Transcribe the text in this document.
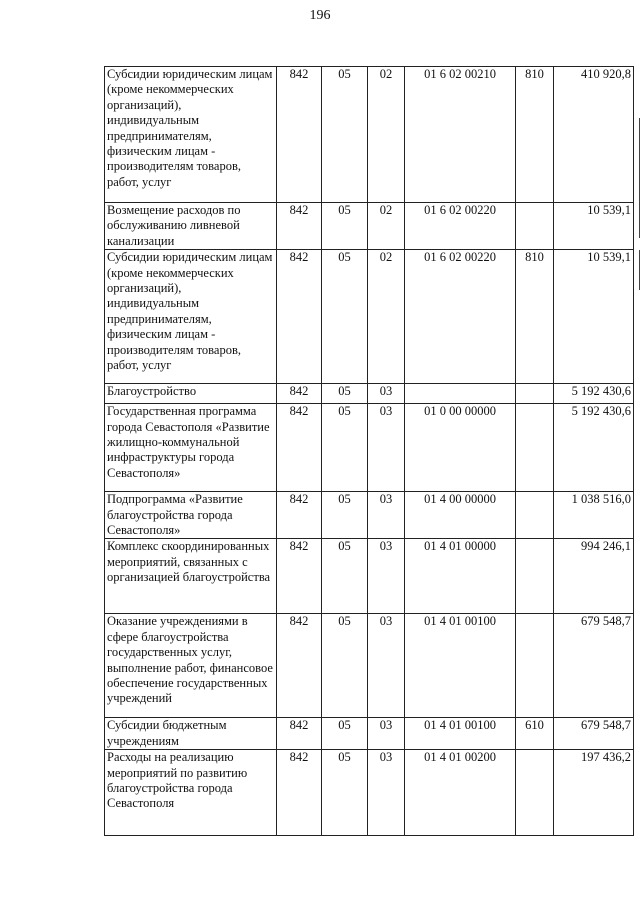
196
Субсидии юридическим лицам (кроме некоммерческих организаций), индивидуальным предпринимателям, физическим лицам - производителям товаров, работ, услуг	842	05	02	01 6 02 00210	810	410 920,8
Возмещение расходов по обслуживанию ливневой канализации	842	05	02	01 6 02 00220		10 539,1
Субсидии юридическим лицам (кроме некоммерческих организаций), индивидуальным предпринимателям, физическим лицам - производителям товаров, работ, услуг	842	05	02	01 6 02 00220	810	10 539,1
Благоустройство	842	05	03			5 192 430,6
Государственная программа города Севастополя «Развитие жилищно-коммунальной инфраструктуры города Севастополя»	842	05	03	01 0 00 00000		5 192 430,6
Подпрограмма «Развитие благоустройства города Севастополя»	842	05	03	01 4 00 00000		1 038 516,0
Комплекс скоординированных мероприятий, связанных с организацией благоустройства	842	05	03	01 4 01 00000		994 246,1
Оказание учреждениями в сфере благоустройства государственных услуг, выполнение работ, финансовое обеспечение государственных учреждений	842	05	03	01 4 01 00100		679 548,7
Субсидии бюджетным учреждениям	842	05	03	01 4 01 00100	610	679 548,7
Расходы на реализацию мероприятий по развитию благоустройства города Севастополя	842	05	03	01 4 01 00200		197 436,2
